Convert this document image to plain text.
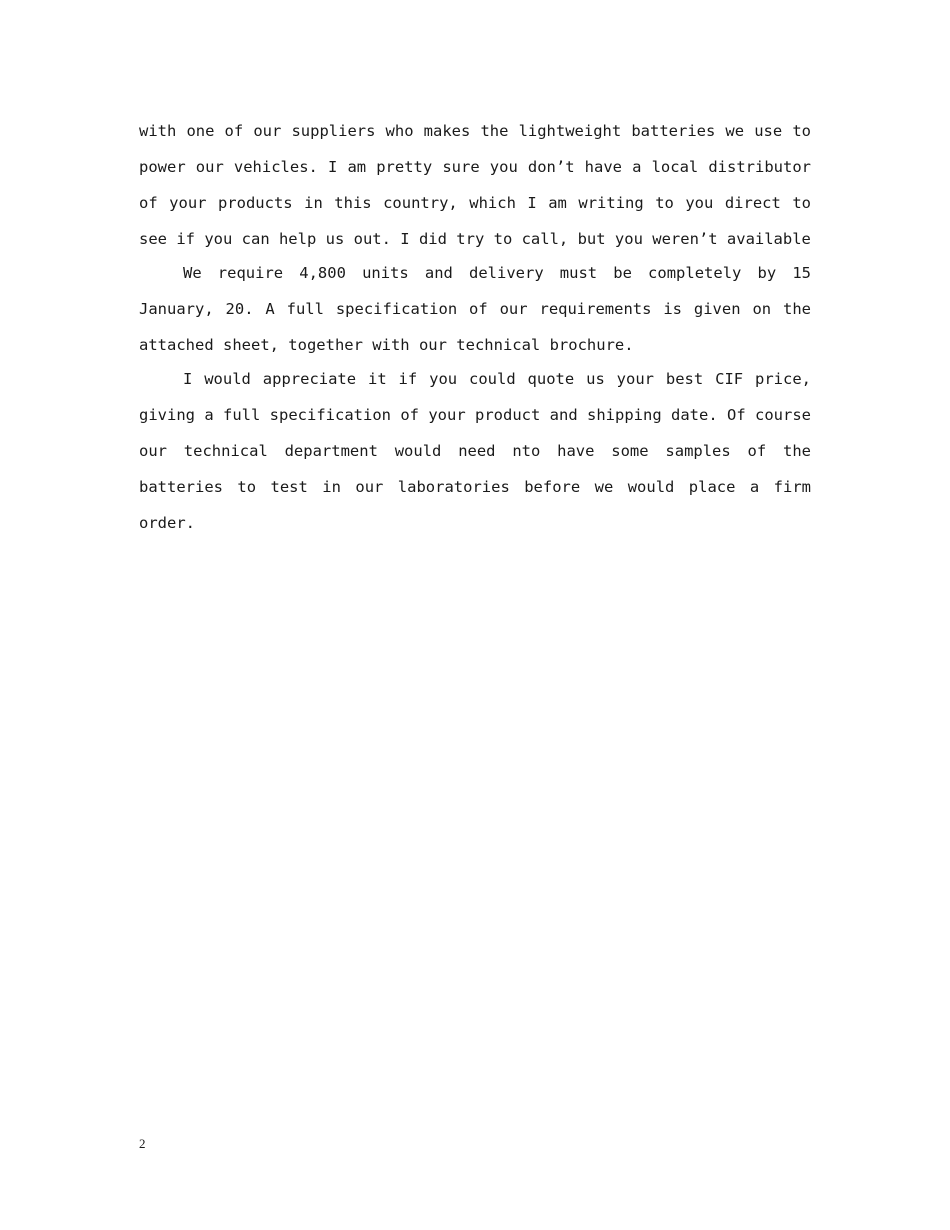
with one of our suppliers who makes the lightweight batteries we use to power our vehicles. I am pretty sure you don’t have a local distributor of your products in this country, which I am writing to you direct to see if you can help us out. I did try to call, but you weren’t available

We require 4,800 units and delivery must be completely by 15 January, 20. A full specification of our requirements is given on the attached sheet, together with our technical brochure.

I would appreciate it if you could quote us your best CIF price, giving a full specification of your product and shipping date. Of course our technical department would need nto have some samples of the batteries to test in our laboratories before we would place a firm order.

2
